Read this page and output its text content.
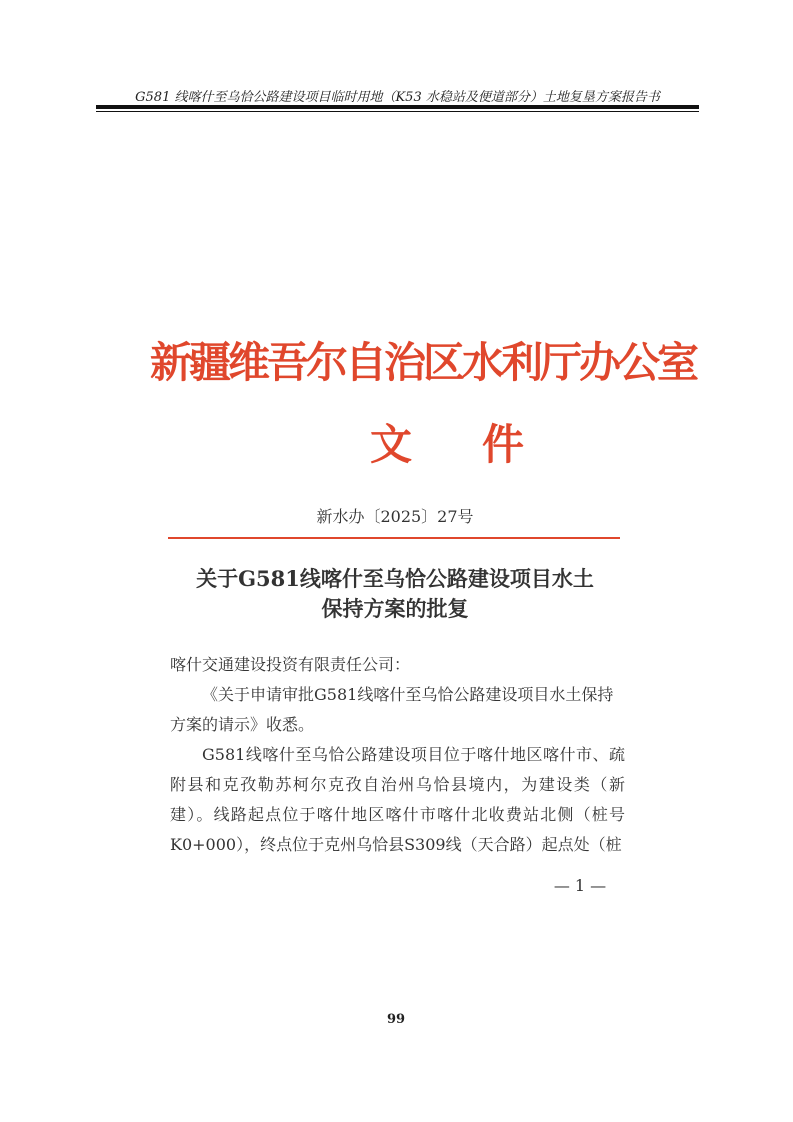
G581 线喀什至乌恰公路建设项目临时用地（K53 水稳站及便道部分）土地复垦方案报告书
新疆维吾尔自治区水利厅办公室
文件
新水办〔2025〕27号
关于G581线喀什至乌恰公路建设项目水土
保持方案的批复
喀什交通建设投资有限责任公司：
《关于申请审批G581线喀什至乌恰公路建设项目水土保持方案的请示》收悉。
G581线喀什至乌恰公路建设项目位于喀什地区喀什市、疏附县和克孜勒苏柯尔克孜自治州乌恰县境内，为建设类（新建）。线路起点位于喀什地区喀什市喀什北收费站北侧（桩号K0+000），终点位于克州乌恰县S309线（天合路）起点处（桩
— 1 —
99
